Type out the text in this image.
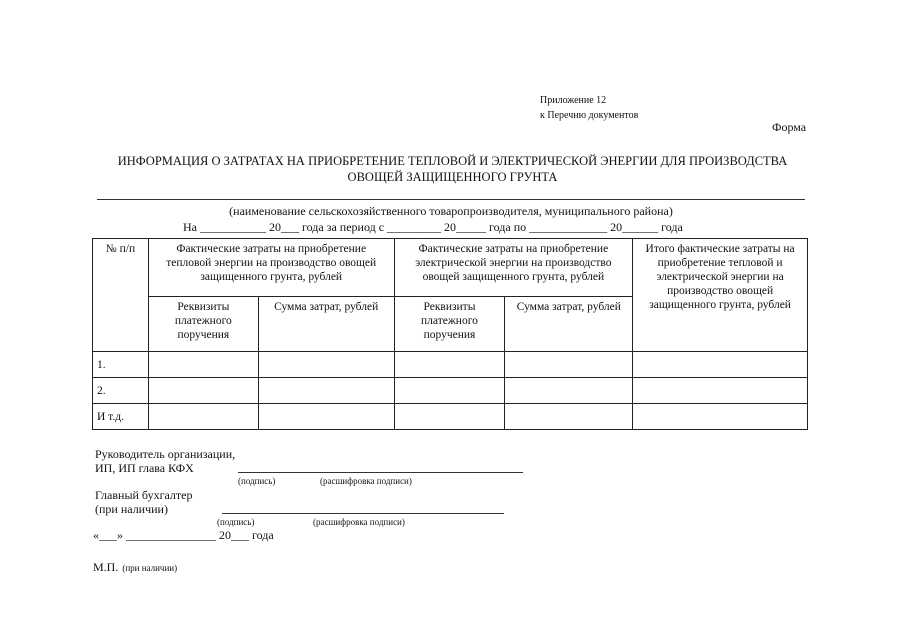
Приложение 12
к Перечню документов
Форма
ИНФОРМАЦИЯ О ЗАТРАТАХ НА ПРИОБРЕТЕНИЕ ТЕПЛОВОЙ И ЭЛЕКТРИЧЕСКОЙ ЭНЕРГИИ ДЛЯ ПРОИЗВОДСТВА
ОВОЩЕЙ ЗАЩИЩЕННОГО ГРУНТА
(наименование сельскохозяйственного товаропроизводителя, муниципального района)
На ___________ 20___ года за период с _________ 20_____ года по _____________ 20______ года
№ п/п	Фактические затраты на приобретение тепловой энергии на производство овощей защищенного грунта, рублей		Фактические затраты на приобретение электрической энергии на производство овощей защищенного грунта, рублей		Итого фактические затраты на приобретение тепловой и электрической энергии на производство овощей защищенного грунта, рублей
	Реквизиты платежного поручения	Сумма затрат, рублей	Реквизиты платежного поручения	Сумма затрат, рублей	
1.					
2.					
И т.д.					
Руководитель организации,
ИП, ИП глава КФХ
(подпись)	(расшифровка подписи)
Главный бухгалтер
(при наличии)
(подпись)	(расшифровка подписи)
«___» _______________ 20___ года
М.П. (при наличии)
